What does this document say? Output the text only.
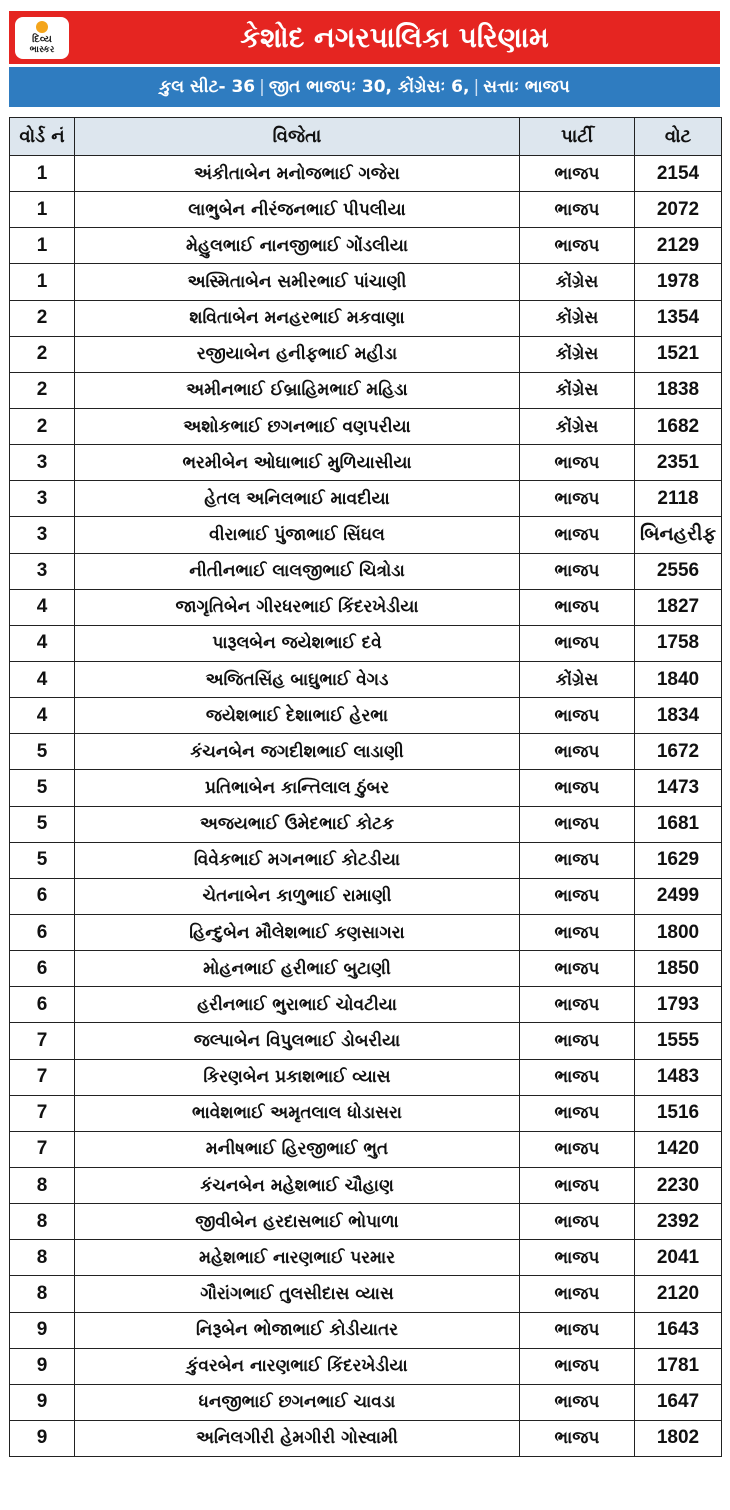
દિવ્ય
ભાસ્કર	કેશોદ નગરપાલિકા પરિણામ
કુલ સીટ- 36 | જીત ભાજપઃ 30, કોંગ્રેસઃ 6, | સત્તાઃ ભાજપ
વોર્ડ નં	વિજેતા	પાર્ટી	વોટ
1	અંકીતાબેન મનોજભાઈ ગજેરા	ભાજપ	2154
1	લાભુબેન નીરંજનભાઈ પીપલીયા	ભાજપ	2072
1	મેહુલભાઈ નાનજીભાઈ ગોંડલીયા	ભાજપ	2129
1	અસ્મિતાબેન સમીરભાઈ પાંચાણી	કોંગ્રેસ	1978
2	શવિતાબેન મનહરભાઈ મકવાણા	કોંગ્રેસ	1354
2	રજીયાબેન હનીફભાઈ મહીડા	કોંગ્રેસ	1521
2	અમીનભાઈ ઈબ્રાહિમભાઈ મહિડા	કોંગ્રેસ	1838
2	અશોકભાઈ છગનભાઈ વણપરીયા	કોંગ્રેસ	1682
3	ભરમીબેન ઓઘાભાઈ મુળિયાસીયા	ભાજપ	2351
3	હેતલ અનિલભાઈ માવદીયા	ભાજપ	2118
3	વીરાભાઈ પુંજાભાઈ સિંઘલ	ભાજપ	બિનહરીફ
3	નીતીનભાઈ લાલજીભાઈ ચિત્રોડા	ભાજપ	2556
4	જાગૃતિબેન ગીરધરભાઈ કિંદરખેડીયા	ભાજપ	1827
4	પારૂલબેન જયેશભાઈ દવે	ભાજપ	1758
4	અજિતસિંહ બાઘુભાઈ વેગડ	કોંગ્રેસ	1840
4	જયેશભાઈ દેશાભાઈ હેરભા	ભાજપ	1834
5	કંચનબેન જગદીશભાઈ લાડાણી	ભાજપ	1672
5	પ્રતિભાબેન કાન્તિલાલ ઠુંબર	ભાજપ	1473
5	અજયભાઈ ઉમેદભાઈ કોટક	ભાજપ	1681
5	વિવેકભાઈ મગનભાઈ કોટડીયા	ભાજપ	1629
6	ચેતનાબેન કાળુભાઈ રામાણી	ભાજપ	2499
6	હિન્દુબેન મૌલેશભાઈ કણસાગરા	ભાજપ	1800
6	મોહનભાઈ હરીભાઈ બુટાણી	ભાજપ	1850
6	હરીનભાઈ ભુરાભાઈ ચોવટીયા	ભાજપ	1793
7	જલ્પાબેન વિપુલભાઈ ડોબરીયા	ભાજપ	1555
7	કિરણબેન પ્રકાશભાઈ વ્યાસ	ભાજપ	1483
7	ભાવેશભાઈ અમૃતલાલ ધોડાસરા	ભાજપ	1516
7	મનીષભાઈ હિરજીભાઈ ભુત	ભાજપ	1420
8	કંચનબેન મહેશભાઈ ચૌહાણ	ભાજપ	2230
8	જીવીબેન હરદાસભાઈ ભોપાળા	ભાજપ	2392
8	મહેશભાઈ નારણભાઈ પરમાર	ભાજપ	2041
8	ગૌરાંગભાઈ તુલસીદાસ વ્યાસ	ભાજપ	2120
9	નિરૂબેન ભોજાભાઈ કોડીયાતર	ભાજપ	1643
9	કુંવરબેન નારણભાઈ કિંદરખેડીયા	ભાજપ	1781
9	ધનજીભાઈ છગનભાઈ ચાવડા	ભાજપ	1647
9	અનિલગીરી હેમગીરી ગોસ્વામી	ભાજપ	1802
